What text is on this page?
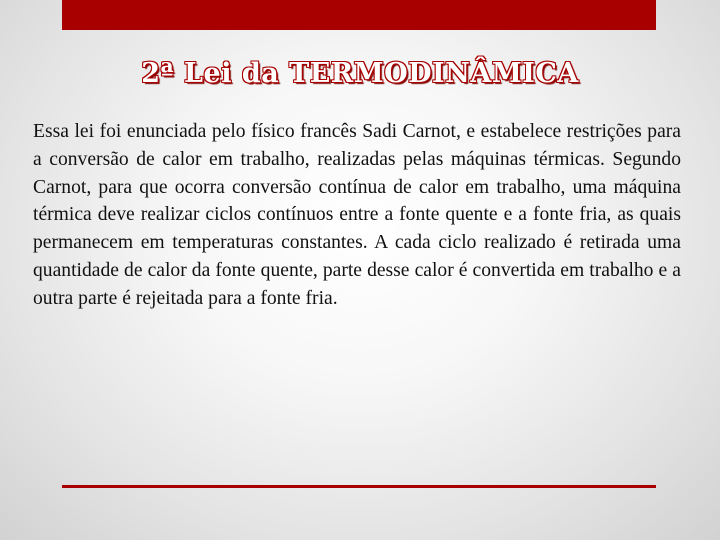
2ª Lei da TERMODINÂMICA

Essa lei foi enunciada pelo físico francês Sadi Carnot, e estabelece restrições para a conversão de calor em trabalho, realizadas pelas máquinas térmicas. Segundo Carnot, para que ocorra conversão contínua de calor em trabalho, uma máquina térmica deve realizar ciclos contínuos entre a fonte quente e a fonte fria, as quais permanecem em temperaturas constantes. A cada ciclo realizado é retirada uma quantidade de calor da fonte quente, parte desse calor é convertida em trabalho e a outra parte é rejeitada para a fonte fria.
